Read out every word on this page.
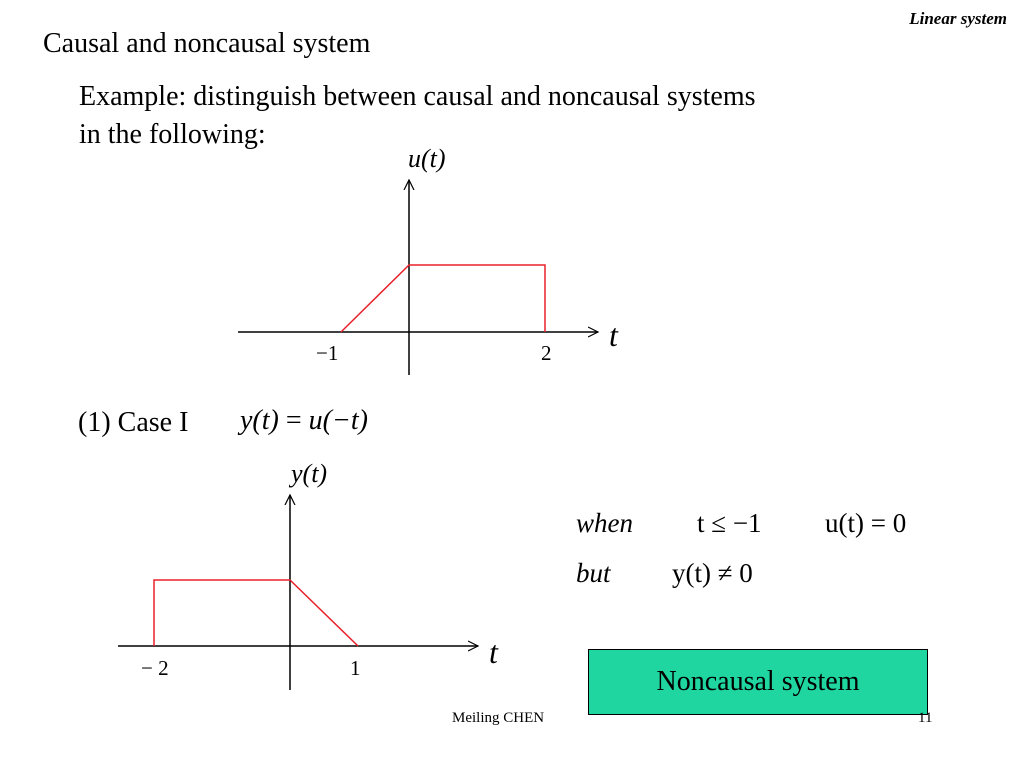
Linear system
Causal and noncausal system
Example: distinguish between causal and noncausal systems
in the following:
u(t)
t
−1	2
y(t)
t
− 2	1
(1) Case I y(t) = u(−t)
when t ≤ −1 u(t) = 0
but y(t) ≠ 0
Noncausal system
Meiling CHEN	11
